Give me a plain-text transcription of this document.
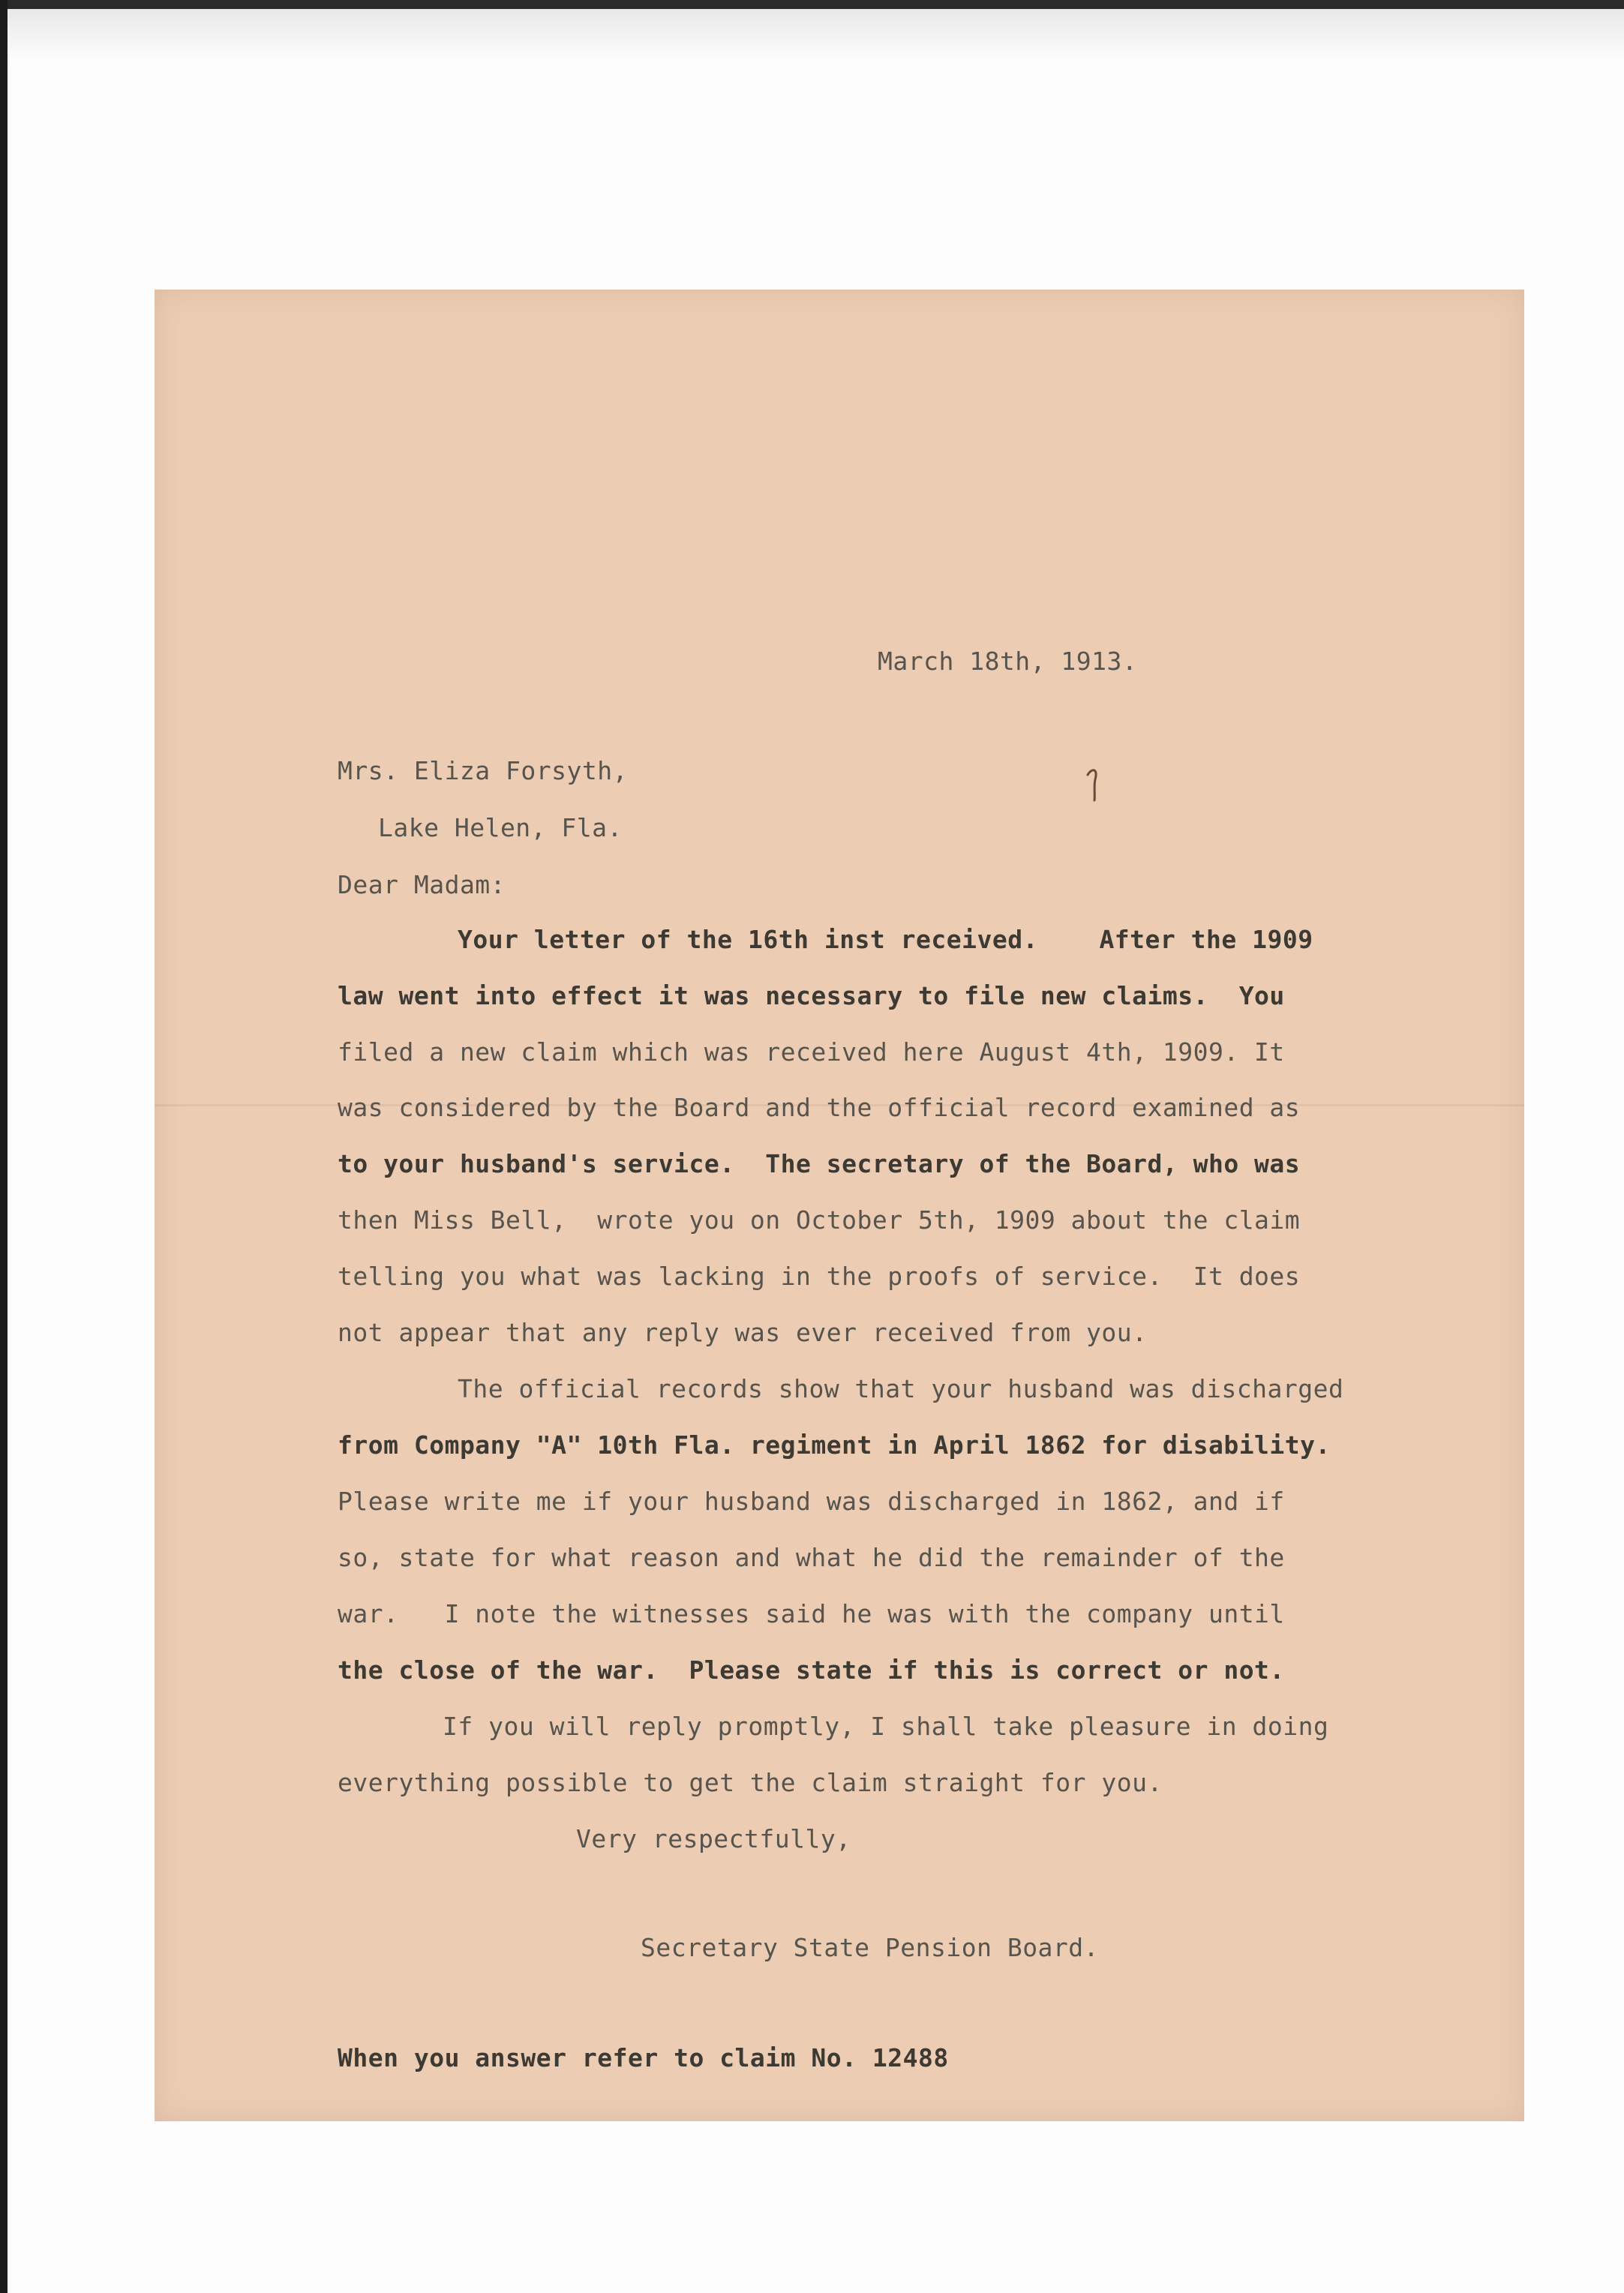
March 18th, 1913.

Mrs. Eliza Forsyth,

Lake Helen, Fla.

Dear Madam:

Your letter of the 16th inst received.    After the 1909

law went into effect it was necessary to file new claims.  You

filed a new claim which was received here August 4th, 1909. It

was considered by the Board and the official record examined as

to your husband's service.  The secretary of the Board, who was

then Miss Bell,  wrote you on October 5th, 1909 about the claim

telling you what was lacking in the proofs of service.  It does

not appear that any reply was ever received from you.

The official records show that your husband was discharged

from Company "A" 10th Fla. regiment in April 1862 for disability.

Please write me if your husband was discharged in 1862, and if

so, state for what reason and what he did the remainder of the

war.   I note the witnesses said he was with the company until

the close of the war.  Please state if this is correct or not.

If you will reply promptly, I shall take pleasure in doing

everything possible to get the claim straight for you.

Very respectfully,

Secretary State Pension Board.

When you answer refer to claim No. 12488
